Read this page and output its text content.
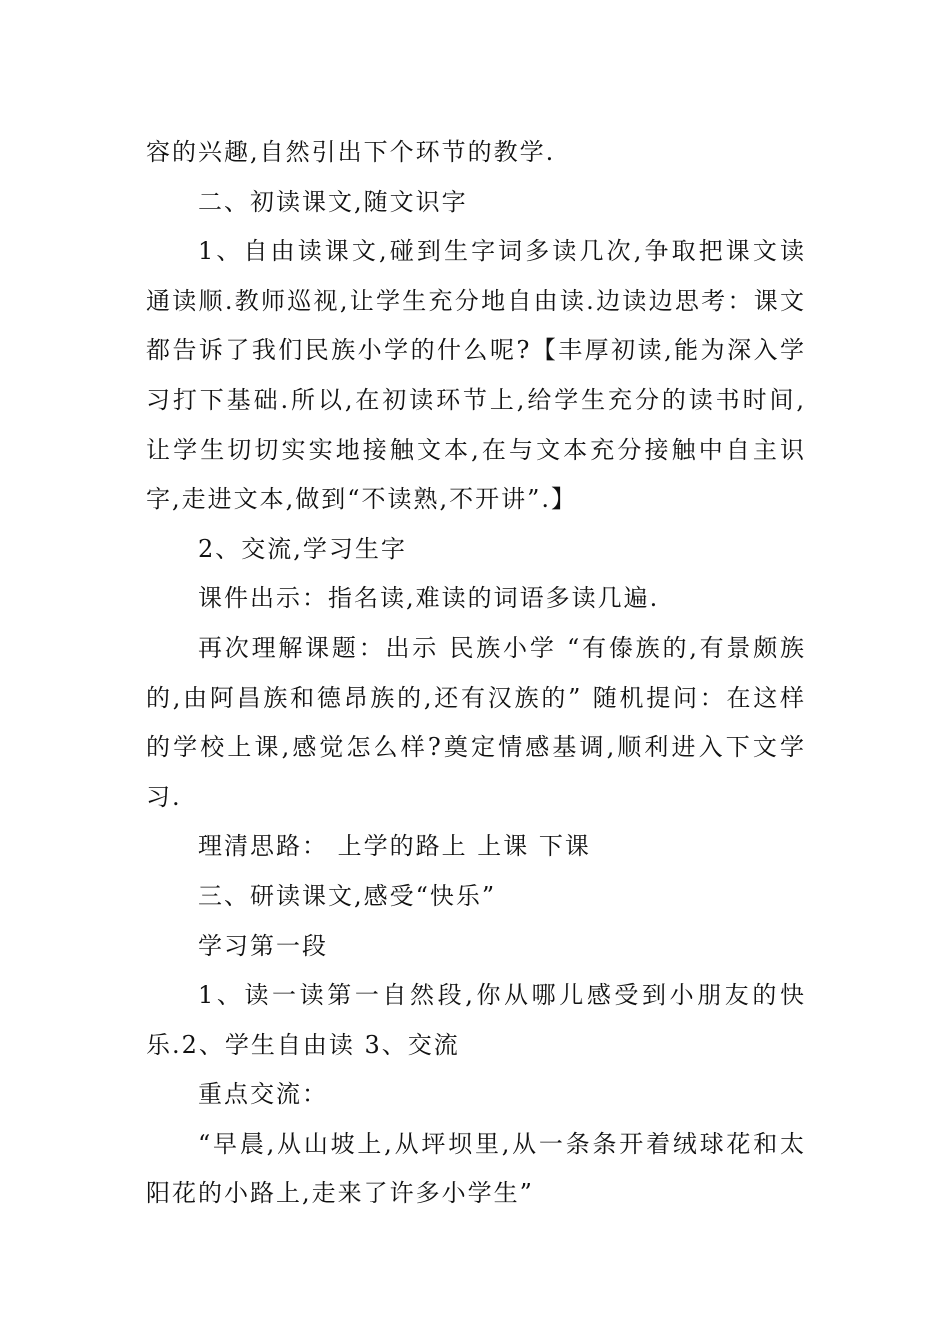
容的兴趣,自然引出下个环节的教学.

二、初读课文,随文识字

1、自由读课文,碰到生字词多读几次,争取把课文读通读顺.教师巡视,让学生充分地自由读.边读边思考：课文都告诉了我们民族小学的什么呢?【丰厚初读,能为深入学习打下基础.所以,在初读环节上,给学生充分的读书时间,让学生切切实实地接触文本,在与文本充分接触中自主识字,走进文本,做到“不读熟,不开讲”.】

2、交流,学习生字

课件出示：指名读,难读的词语多读几遍.

再次理解课题：出示 民族小学 “有傣族的,有景颇族的,由阿昌族和德昂族的,还有汉族的” 随机提问：在这样的学校上课,感觉怎么样?奠定情感基调,顺利进入下文学习.

理清思路： 上学的路上 上课 下课

三、研读课文,感受“快乐”

学习第一段

1、读一读第一自然段,你从哪儿感受到小朋友的快乐.2、学生自由读 3、交流

重点交流：

“早晨,从山坡上,从坪坝里,从一条条开着绒球花和太阳花的小路上,走来了许多小学生”
